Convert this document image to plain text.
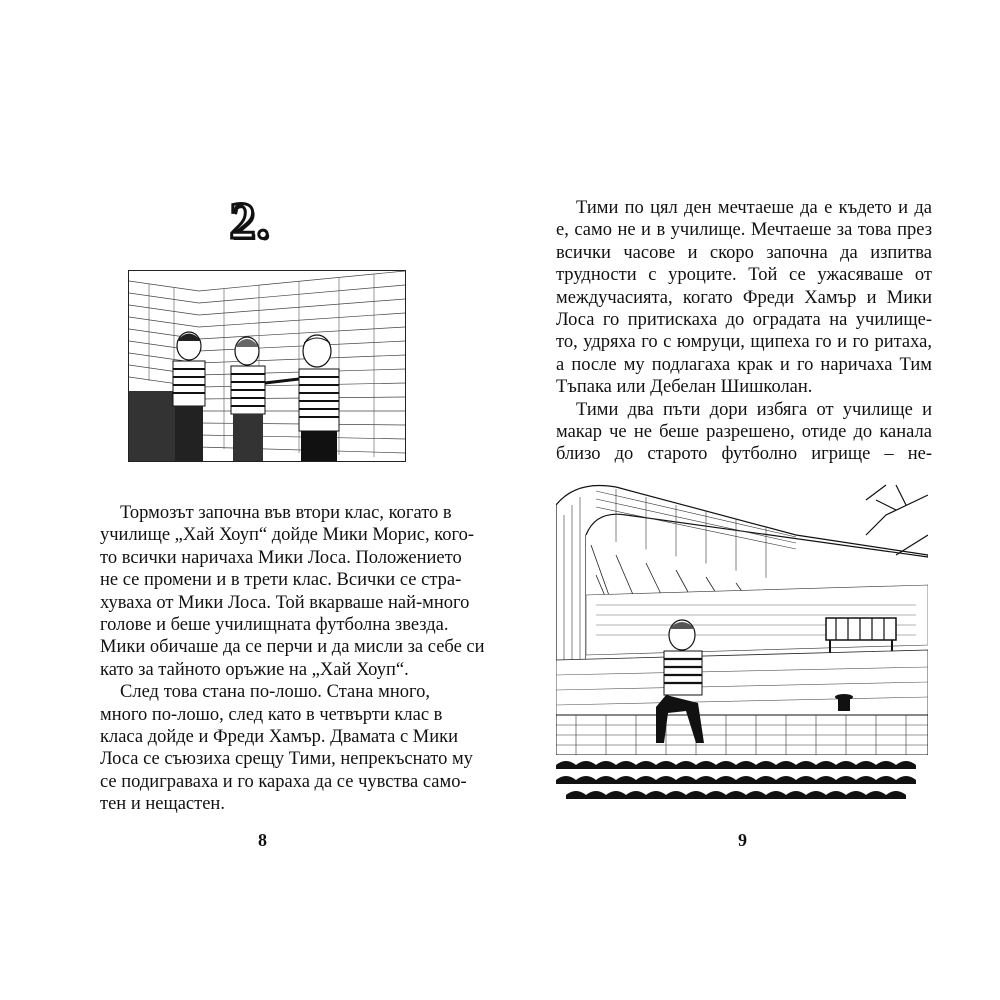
2.

Тормозът започна във втори клас, когато в
училище „Хай Хоуп“ дойде Мики Морис, кого-
то всички наричаха Мики Лоса. Положението
не се промени и в трети клас. Всички се стра-
хуваха от Мики Лоса. Той вкарваше най-много
голове и беше училищната футболна звезда.
Мики обичаше да се перчи и да мисли за себе си
като за тайното оръжие на „Хай Хоуп“.

След това стана по-лошо. Стана много,
много по-лошо, след като в четвърти клас в
класа дойде и Фреди Хамър. Двамата с Мики
Лоса се съюзиха срещу Тими, непрекъснато му
се подиграваха и го караха да се чувства само-
тен и нещастен.

8

Тими по цял ден мечтаеше да е където и да
е, само не и в училище. Мечтаеше за това през
всички часове и скоро започна да изпитва
трудности с уроците. Той се ужасяваше от
междучасията, когато Фреди Хамър и Мики
Лоса го притискаха до оградата на училище-
то, удряха го с юмруци, щипеха го и го ритаха,
а после му подлагаха крак и го наричаха Тим
Тъпака или Дебелан Шишколан.

Тими два пъти дори избяга от училище и
макар че не беше разрешено, отиде до канала
близо до старото футболно игрище – не-

9
